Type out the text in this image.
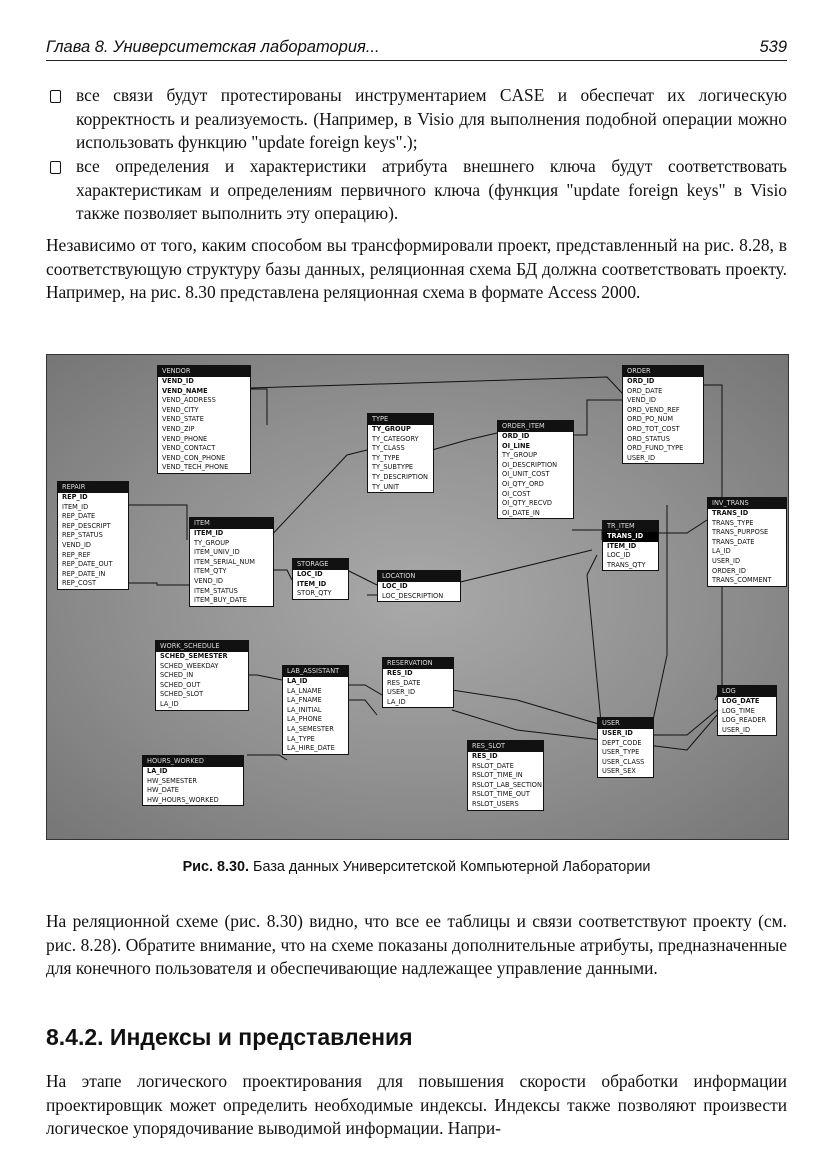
Глава 8. Университетская лаборатория...	539
все связи будут протестированы инструментарием CASE и обеспечат их логическую корректность и реализуемость. (Например, в Visio для выполнения подобной операции можно использовать функцию "update foreign keys".);
все определения и характеристики атрибута внешнего ключа будут соответствовать характеристикам и определениям первичного ключа (функция "update foreign keys" в Visio также позволяет выполнить эту операцию).
Независимо от того, каким способом вы трансформировали проект, представленный на рис. 8.28, в соответствующую структуру базы данных, реляционная схема БД должна соответствовать проекту. Например, на рис. 8.30 представлена реляционная схема в формате Access 2000.
VENDOR
VEND_ID
VEND_NAME
VEND_ADDRESS
VEND_CITY
VEND_STATE
VEND_ZIP
VEND_PHONE
VEND_CONTACT
VEND_CON_PHONE
VEND_TECH_PHONE
ORDER
ORD_ID
ORD_DATE
VEND_ID
ORD_VEND_REF
ORD_PO_NUM
ORD_TOT_COST
ORD_STATUS
ORD_FUND_TYPE
USER_ID
TYPE
TY_GROUP
TY_CATEGORY
TY_CLASS
TY_TYPE
TY_SUBTYPE
TY_DESCRIPTION
TY_UNIT
ORDER_ITEM
ORD_ID
OI_LINE
TY_GROUP
OI_DESCRIPTION
OI_UNIT_COST
OI_QTY_ORD
OI_COST
OI_QTY_RECVD
OI_DATE_IN
REPAIR
REP_ID
ITEM_ID
REP_DATE
REP_DESCRIPT
REP_STATUS
VEND_ID
REP_REF
REP_DATE_OUT
REP_DATE_IN
REP_COST
ITEM
ITEM_ID
TY_GROUP
ITEM_UNIV_ID
ITEM_SERIAL_NUM
ITEM_QTY
VEND_ID
ITEM_STATUS
ITEM_BUY_DATE
INV_TRANS
TRANS_ID
TRANS_TYPE
TRANS_PURPOSE
TRANS_DATE
LA_ID
USER_ID
ORDER_ID
TRANS_COMMENT
TR_ITEM
TRANS_ID
ITEM_ID
LOC_ID
TRANS_QTY
STORAGE
LOC_ID
ITEM_ID
STOR_QTY
LOCATION
LOC_ID
LOC_DESCRIPTION
WORK_SCHEDULE
SCHED_SEMESTER
SCHED_WEEKDAY
SCHED_IN
SCHED_OUT
SCHED_SLOT
LA_ID
LAB_ASSISTANT
LA_ID
LA_LNAME
LA_FNAME
LA_INITIAL
LA_PHONE
LA_SEMESTER
LA_TYPE
LA_HIRE_DATE
RESERVATION
RES_ID
RES_DATE
USER_ID
LA_ID
HOURS_WORKED
LA_ID
HW_SEMESTER
HW_DATE
HW_HOURS_WORKED
RES_SLOT
RES_ID
RSLOT_DATE
RSLOT_TIME_IN
RSLOT_LAB_SECTION
RSLOT_TIME_OUT
RSLOT_USERS
USER
USER_ID
DEPT_CODE
USER_TYPE
USER_CLASS
USER_SEX
LOG
LOG_DATE
LOG_TIME
LOG_READER
USER_ID
Рис. 8.30. База данных Университетской Компьютерной Лаборатории
На реляционной схеме (рис. 8.30) видно, что все ее таблицы и связи соответствуют проекту (см. рис. 8.28). Обратите внимание, что на схеме показаны дополнительные атрибуты, предназначенные для конечного пользователя и обеспечивающие надлежащее управление данными.
8.4.2. Индексы и представления
На этапе логического проектирования для повышения скорости обработки информации проектировщик может определить необходимые индексы. Индексы также позволяют произвести логическое упорядочивание выводимой информации. Напри-
